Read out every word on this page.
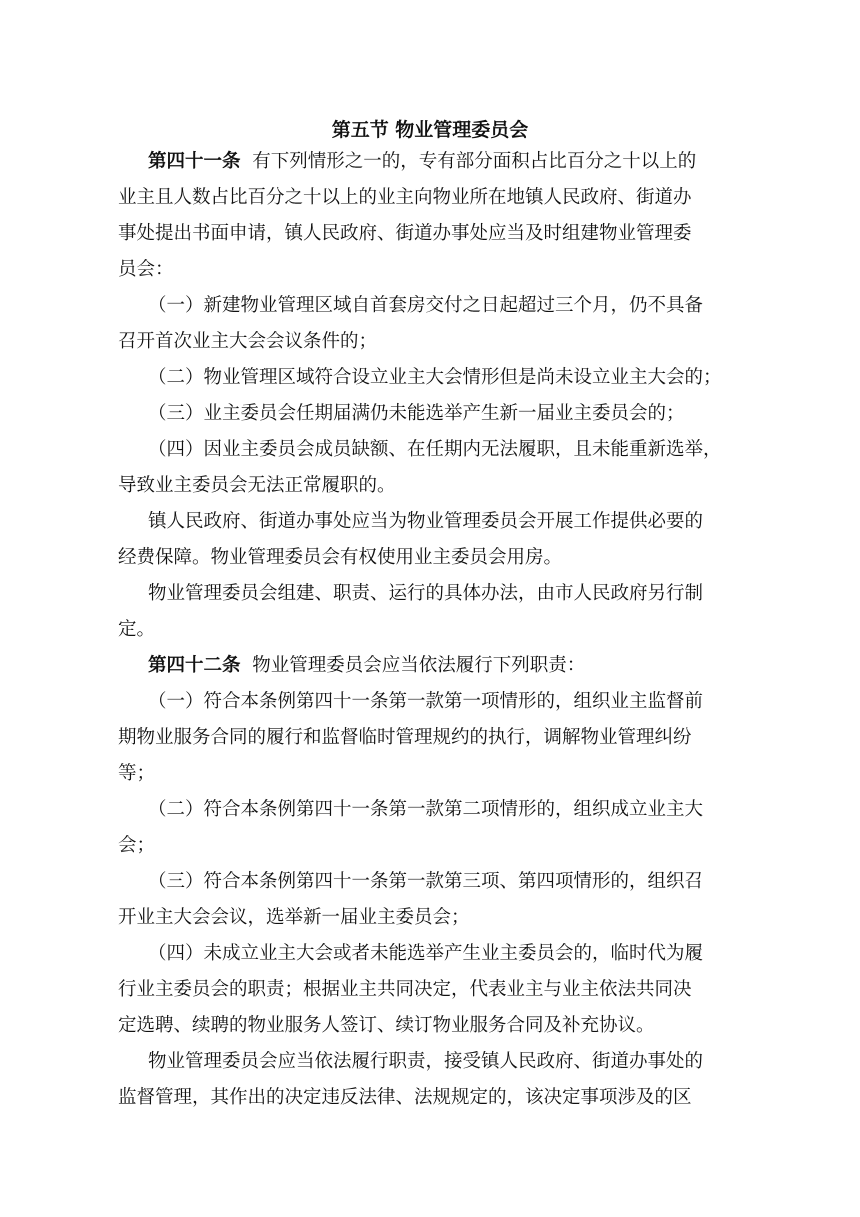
第五节 物业管理委员会
第四十一条 有下列情形之一的，专有部分面积占比百分之十以上的
业主且人数占比百分之十以上的业主向物业所在地镇人民政府、街道办
事处提出书面申请，镇人民政府、街道办事处应当及时组建物业管理委
员会：
（一）新建物业管理区域自首套房交付之日起超过三个月，仍不具备
召开首次业主大会会议条件的；
（二）物业管理区域符合设立业主大会情形但是尚未设立业主大会的；
（三）业主委员会任期届满仍未能选举产生新一届业主委员会的；
（四）因业主委员会成员缺额、在任期内无法履职，且未能重新选举，
导致业主委员会无法正常履职的。
镇人民政府、街道办事处应当为物业管理委员会开展工作提供必要的
经费保障。物业管理委员会有权使用业主委员会用房。
物业管理委员会组建、职责、运行的具体办法，由市人民政府另行制
定。
第四十二条 物业管理委员会应当依法履行下列职责：
（一）符合本条例第四十一条第一款第一项情形的，组织业主监督前
期物业服务合同的履行和监督临时管理规约的执行，调解物业管理纠纷
等；
（二）符合本条例第四十一条第一款第二项情形的，组织成立业主大
会；
（三）符合本条例第四十一条第一款第三项、第四项情形的，组织召
开业主大会会议，选举新一届业主委员会；
（四）未成立业主大会或者未能选举产生业主委员会的，临时代为履
行业主委员会的职责；根据业主共同决定，代表业主与业主依法共同决
定选聘、续聘的物业服务人签订、续订物业服务合同及补充协议。
物业管理委员会应当依法履行职责，接受镇人民政府、街道办事处的
监督管理，其作出的决定违反法律、法规规定的，该决定事项涉及的区
